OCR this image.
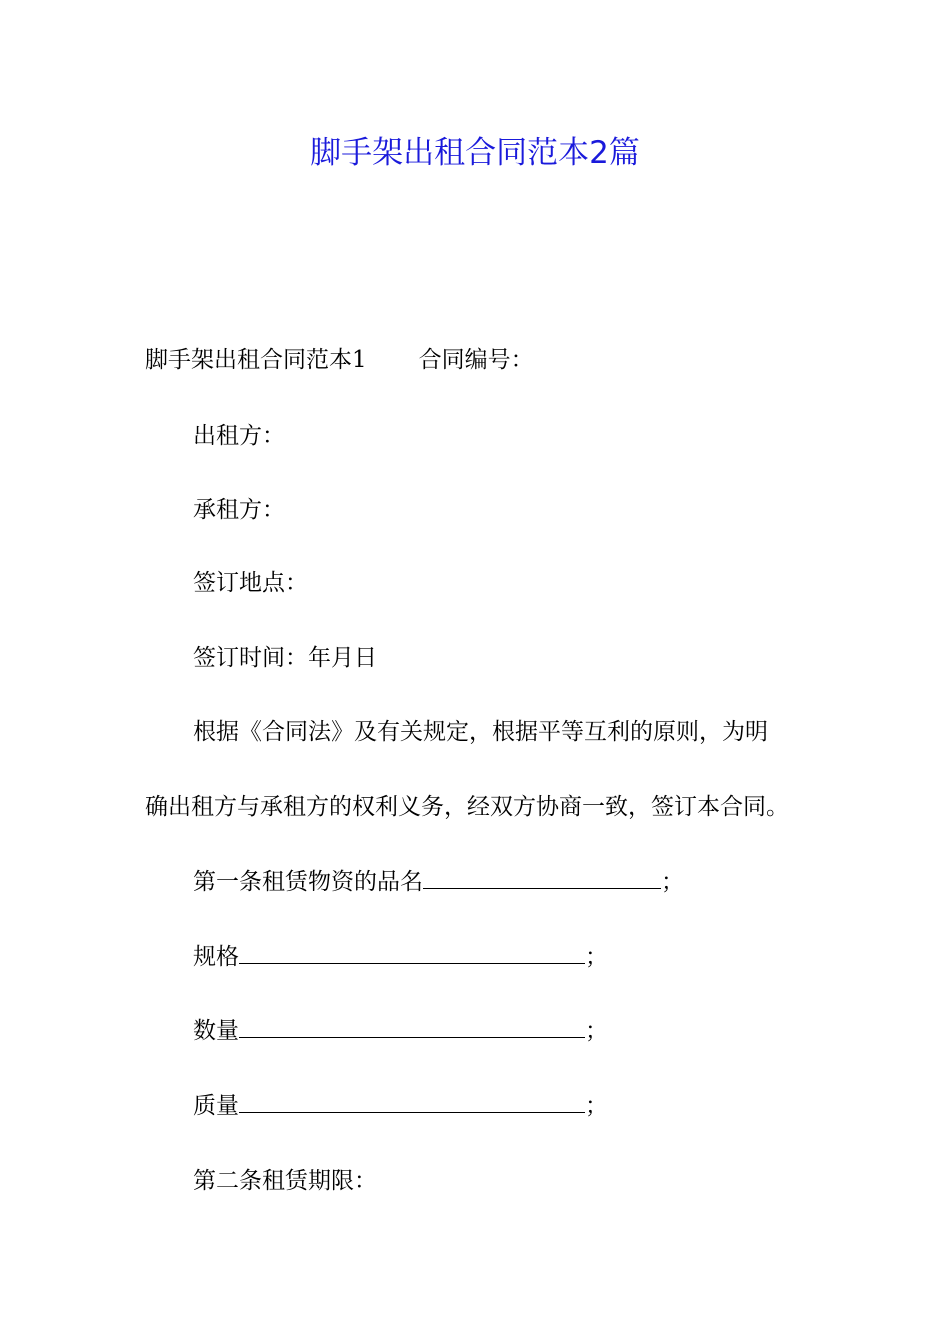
脚手架出租合同范本2篇

脚手架出租合同范本1 合同编号：

出租方：

承租方：

签订地点：

签订时间：年月日

根据《合同法》及有关规定，根据平等互利的原则，为明

确出租方与承租方的权利义务，经双方协商一致，签订本合同。

第一条租赁物资的品名	；

规格	；

数量	；

质量	；

第二条租赁期限：
